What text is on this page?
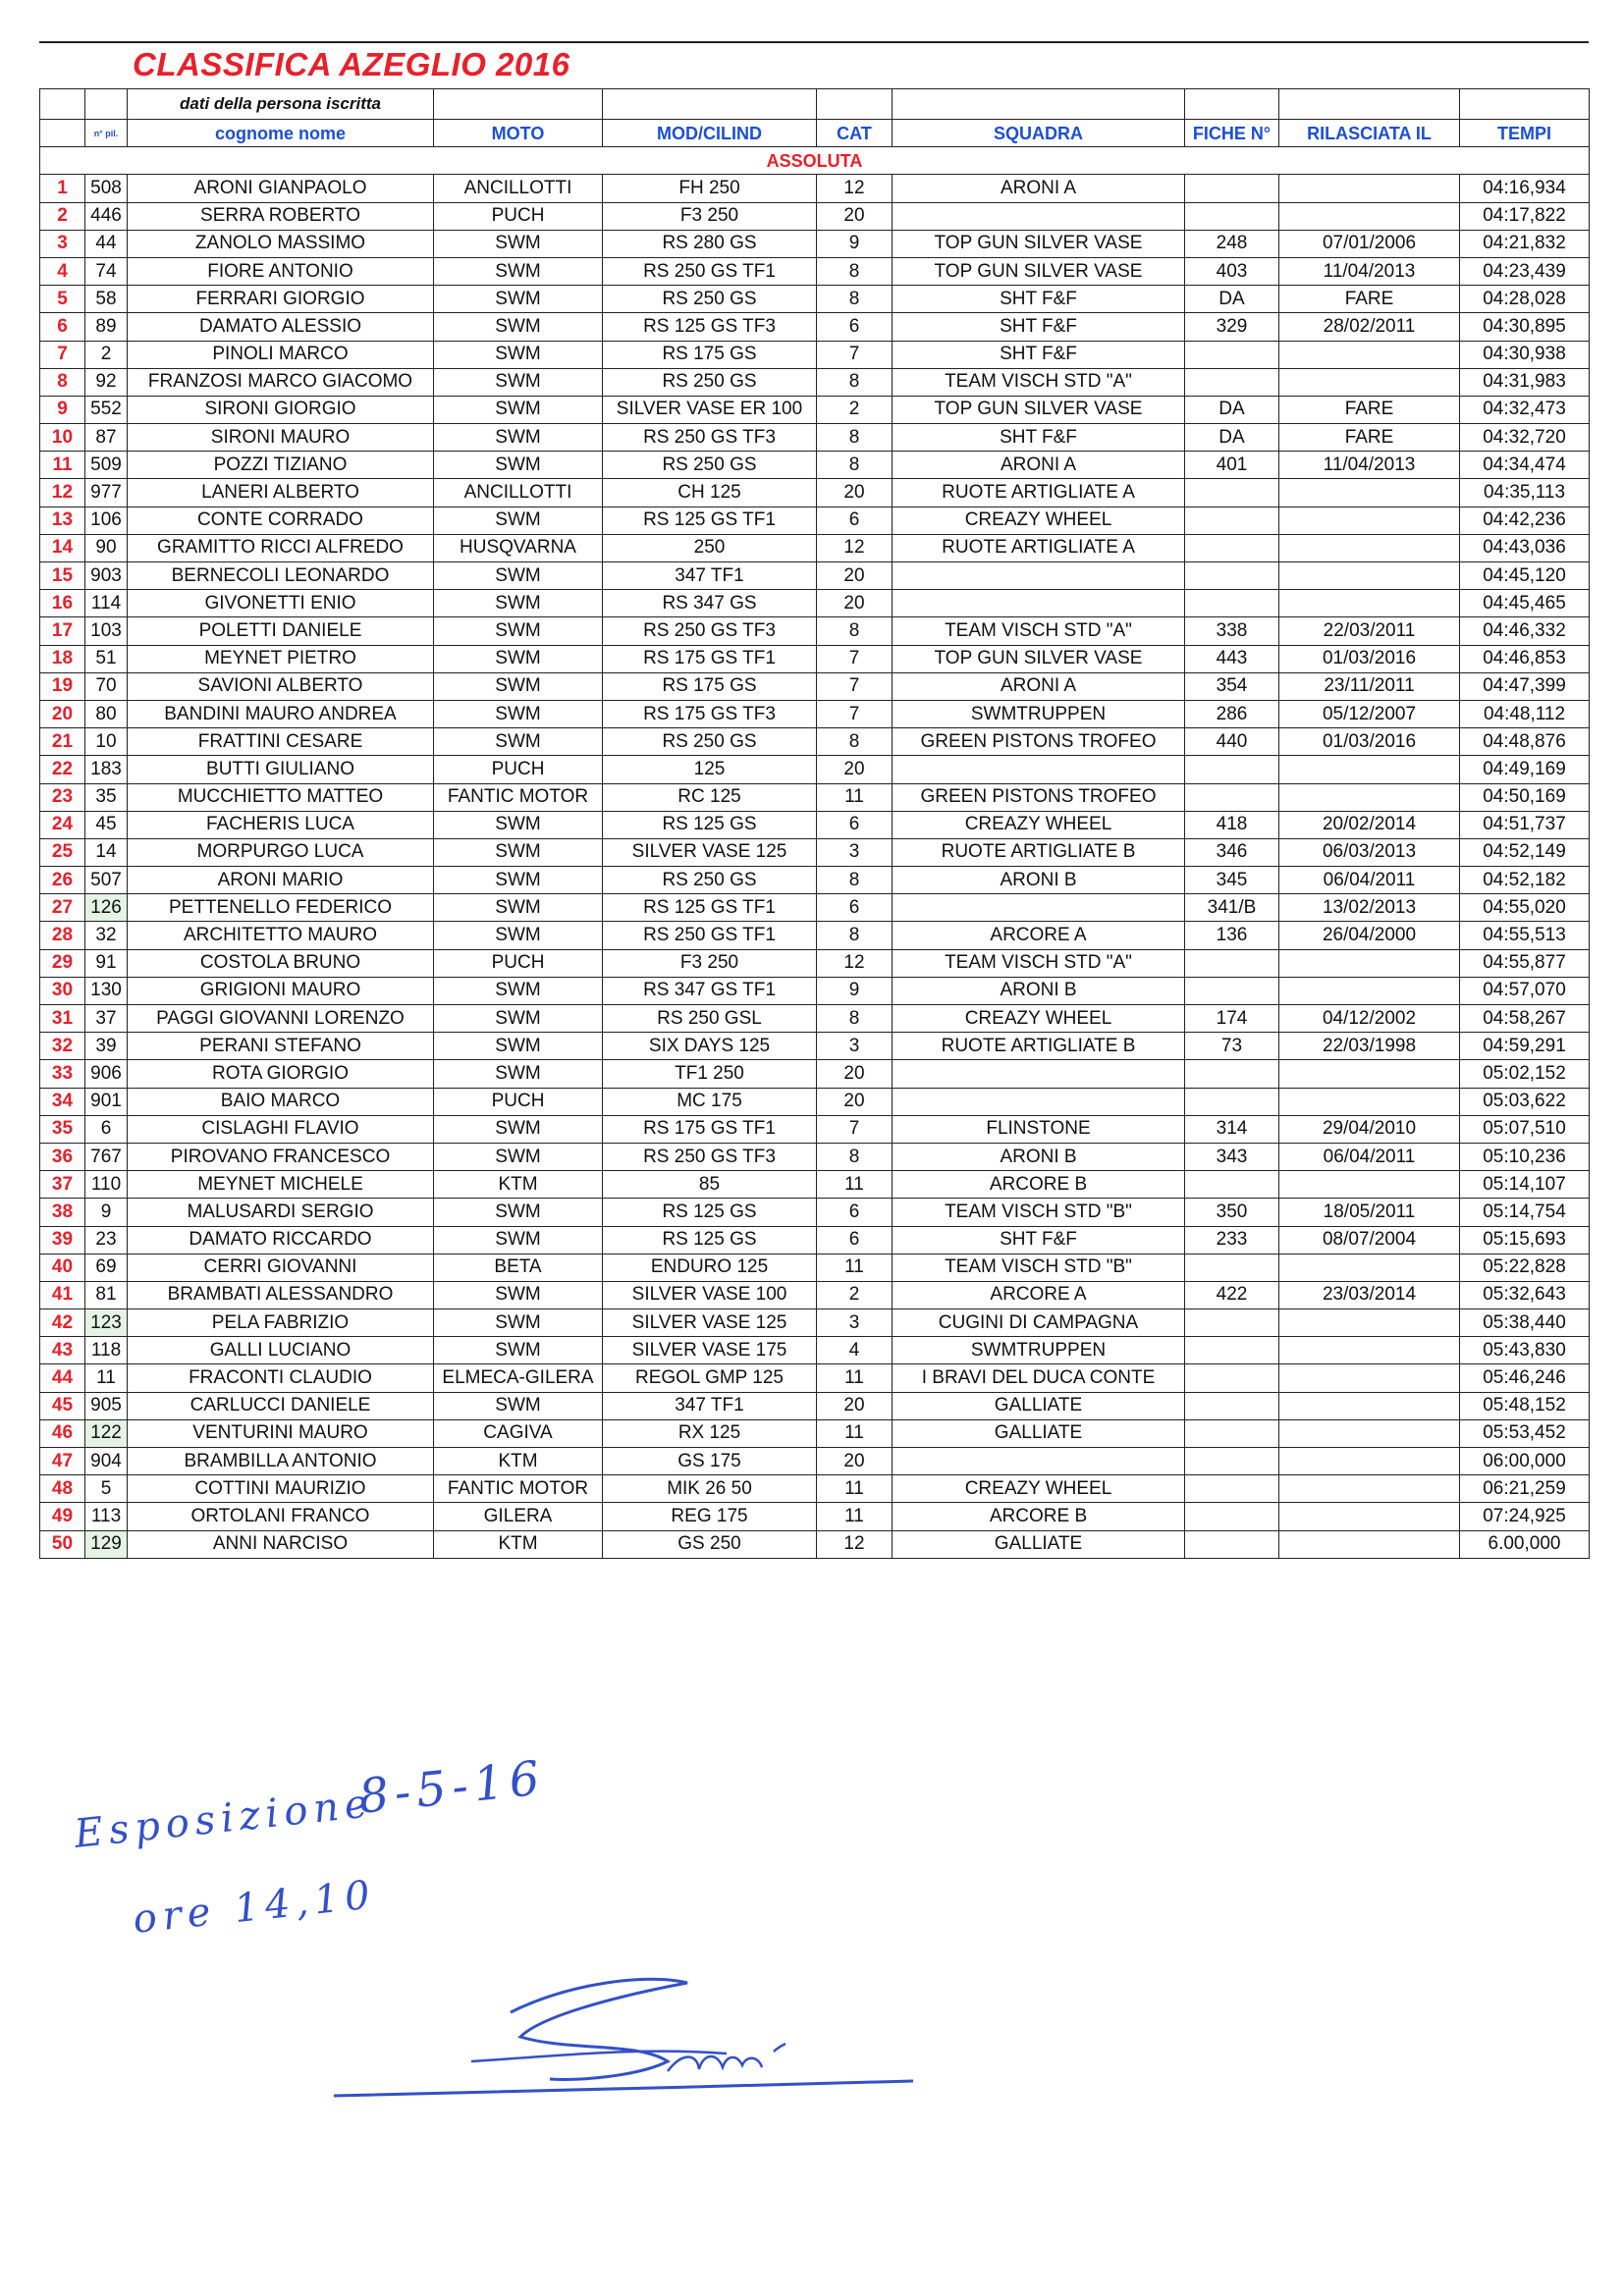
CLASSIFICA AZEGLIO 2016
		dati della persona iscritta							
	n° pil.	cognome nome	MOTO	MOD/CILIND	CAT	SQUADRA	FICHE N°	RILASCIATA IL	TEMPI
ASSOLUTA									
1	508	ARONI GIANPAOLO	ANCILLOTTI	FH 250	12	ARONI A			04:16,934
2	446	SERRA ROBERTO	PUCH	F3 250	20				04:17,822
3	44	ZANOLO MASSIMO	SWM	RS 280 GS	9	TOP GUN SILVER VASE	248	07/01/2006	04:21,832
4	74	FIORE ANTONIO	SWM	RS 250 GS TF1	8	TOP GUN SILVER VASE	403	11/04/2013	04:23,439
5	58	FERRARI GIORGIO	SWM	RS 250 GS	8	SHT F&F	DA	FARE	04:28,028
6	89	DAMATO ALESSIO	SWM	RS 125 GS TF3	6	SHT F&F	329	28/02/2011	04:30,895
7	2	PINOLI MARCO	SWM	RS 175 GS	7	SHT F&F			04:30,938
8	92	FRANZOSI MARCO GIACOMO	SWM	RS 250 GS	8	TEAM VISCH STD "A"			04:31,983
9	552	SIRONI GIORGIO	SWM	SILVER VASE ER 100	2	TOP GUN SILVER VASE	DA	FARE	04:32,473
10	87	SIRONI MAURO	SWM	RS 250 GS TF3	8	SHT F&F	DA	FARE	04:32,720
11	509	POZZI TIZIANO	SWM	RS 250 GS	8	ARONI A	401	11/04/2013	04:34,474
12	977	LANERI ALBERTO	ANCILLOTTI	CH 125	20	RUOTE ARTIGLIATE A			04:35,113
13	106	CONTE CORRADO	SWM	RS 125 GS TF1	6	CREAZY WHEEL			04:42,236
14	90	GRAMITTO RICCI ALFREDO	HUSQVARNA	250	12	RUOTE ARTIGLIATE A			04:43,036
15	903	BERNECOLI LEONARDO	SWM	347 TF1	20				04:45,120
16	114	GIVONETTI ENIO	SWM	RS 347 GS	20				04:45,465
17	103	POLETTI DANIELE	SWM	RS 250 GS TF3	8	TEAM VISCH STD "A"	338	22/03/2011	04:46,332
18	51	MEYNET PIETRO	SWM	RS 175 GS TF1	7	TOP GUN SILVER VASE	443	01/03/2016	04:46,853
19	70	SAVIONI ALBERTO	SWM	RS 175 GS	7	ARONI A	354	23/11/2011	04:47,399
20	80	BANDINI MAURO ANDREA	SWM	RS 175 GS TF3	7	SWMTRUPPEN	286	05/12/2007	04:48,112
21	10	FRATTINI CESARE	SWM	RS 250 GS	8	GREEN PISTONS TROFEO	440	01/03/2016	04:48,876
22	183	BUTTI GIULIANO	PUCH	125	20				04:49,169
23	35	MUCCHIETTO MATTEO	FANTIC MOTOR	RC 125	11	GREEN PISTONS TROFEO			04:50,169
24	45	FACHERIS LUCA	SWM	RS 125 GS	6	CREAZY WHEEL	418	20/02/2014	04:51,737
25	14	MORPURGO LUCA	SWM	SILVER VASE 125	3	RUOTE ARTIGLIATE B	346	06/03/2013	04:52,149
26	507	ARONI MARIO	SWM	RS 250 GS	8	ARONI B	345	06/04/2011	04:52,182
27	126	PETTENELLO FEDERICO	SWM	RS 125 GS TF1	6		341/B	13/02/2013	04:55,020
28	32	ARCHITETTO MAURO	SWM	RS 250 GS TF1	8	ARCORE A	136	26/04/2000	04:55,513
29	91	COSTOLA BRUNO	PUCH	F3 250	12	TEAM VISCH STD "A"			04:55,877
30	130	GRIGIONI MAURO	SWM	RS 347 GS TF1	9	ARONI B			04:57,070
31	37	PAGGI GIOVANNI LORENZO	SWM	RS 250 GSL	8	CREAZY WHEEL	174	04/12/2002	04:58,267
32	39	PERANI STEFANO	SWM	SIX DAYS 125	3	RUOTE ARTIGLIATE B	73	22/03/1998	04:59,291
33	906	ROTA GIORGIO	SWM	TF1 250	20				05:02,152
34	901	BAIO MARCO	PUCH	MC 175	20				05:03,622
35	6	CISLAGHI FLAVIO	SWM	RS 175 GS TF1	7	FLINSTONE	314	29/04/2010	05:07,510
36	767	PIROVANO FRANCESCO	SWM	RS 250 GS TF3	8	ARONI B	343	06/04/2011	05:10,236
37	110	MEYNET MICHELE	KTM	85	11	ARCORE B			05:14,107
38	9	MALUSARDI SERGIO	SWM	RS 125 GS	6	TEAM VISCH STD "B"	350	18/05/2011	05:14,754
39	23	DAMATO RICCARDO	SWM	RS 125 GS	6	SHT F&F	233	08/07/2004	05:15,693
40	69	CERRI GIOVANNI	BETA	ENDURO 125	11	TEAM VISCH STD "B"			05:22,828
41	81	BRAMBATI ALESSANDRO	SWM	SILVER VASE 100	2	ARCORE A	422	23/03/2014	05:32,643
42	123	PELA FABRIZIO	SWM	SILVER VASE 125	3	CUGINI DI CAMPAGNA			05:38,440
43	118	GALLI LUCIANO	SWM	SILVER VASE 175	4	SWMTRUPPEN			05:43,830
44	11	FRACONTI CLAUDIO	ELMECA-GILERA	REGOL GMP 125	11	I BRAVI DEL DUCA CONTE			05:46,246
45	905	CARLUCCI DANIELE	SWM	347 TF1	20	GALLIATE			05:48,152
46	122	VENTURINI MAURO	CAGIVA	RX 125	11	GALLIATE			05:53,452
47	904	BRAMBILLA ANTONIO	KTM	GS 175	20				06:00,000
48	5	COTTINI MAURIZIO	FANTIC MOTOR	MIK 26 50	11	CREAZY WHEEL			06:21,259
49	113	ORTOLANI FRANCO	GILERA	REG 175	11	ARCORE B			07:24,925
50	129	ANNI NARCISO	KTM	GS 250	12	GALLIATE			6.00,000
Esposizione
8-5-16
ore 14,10
